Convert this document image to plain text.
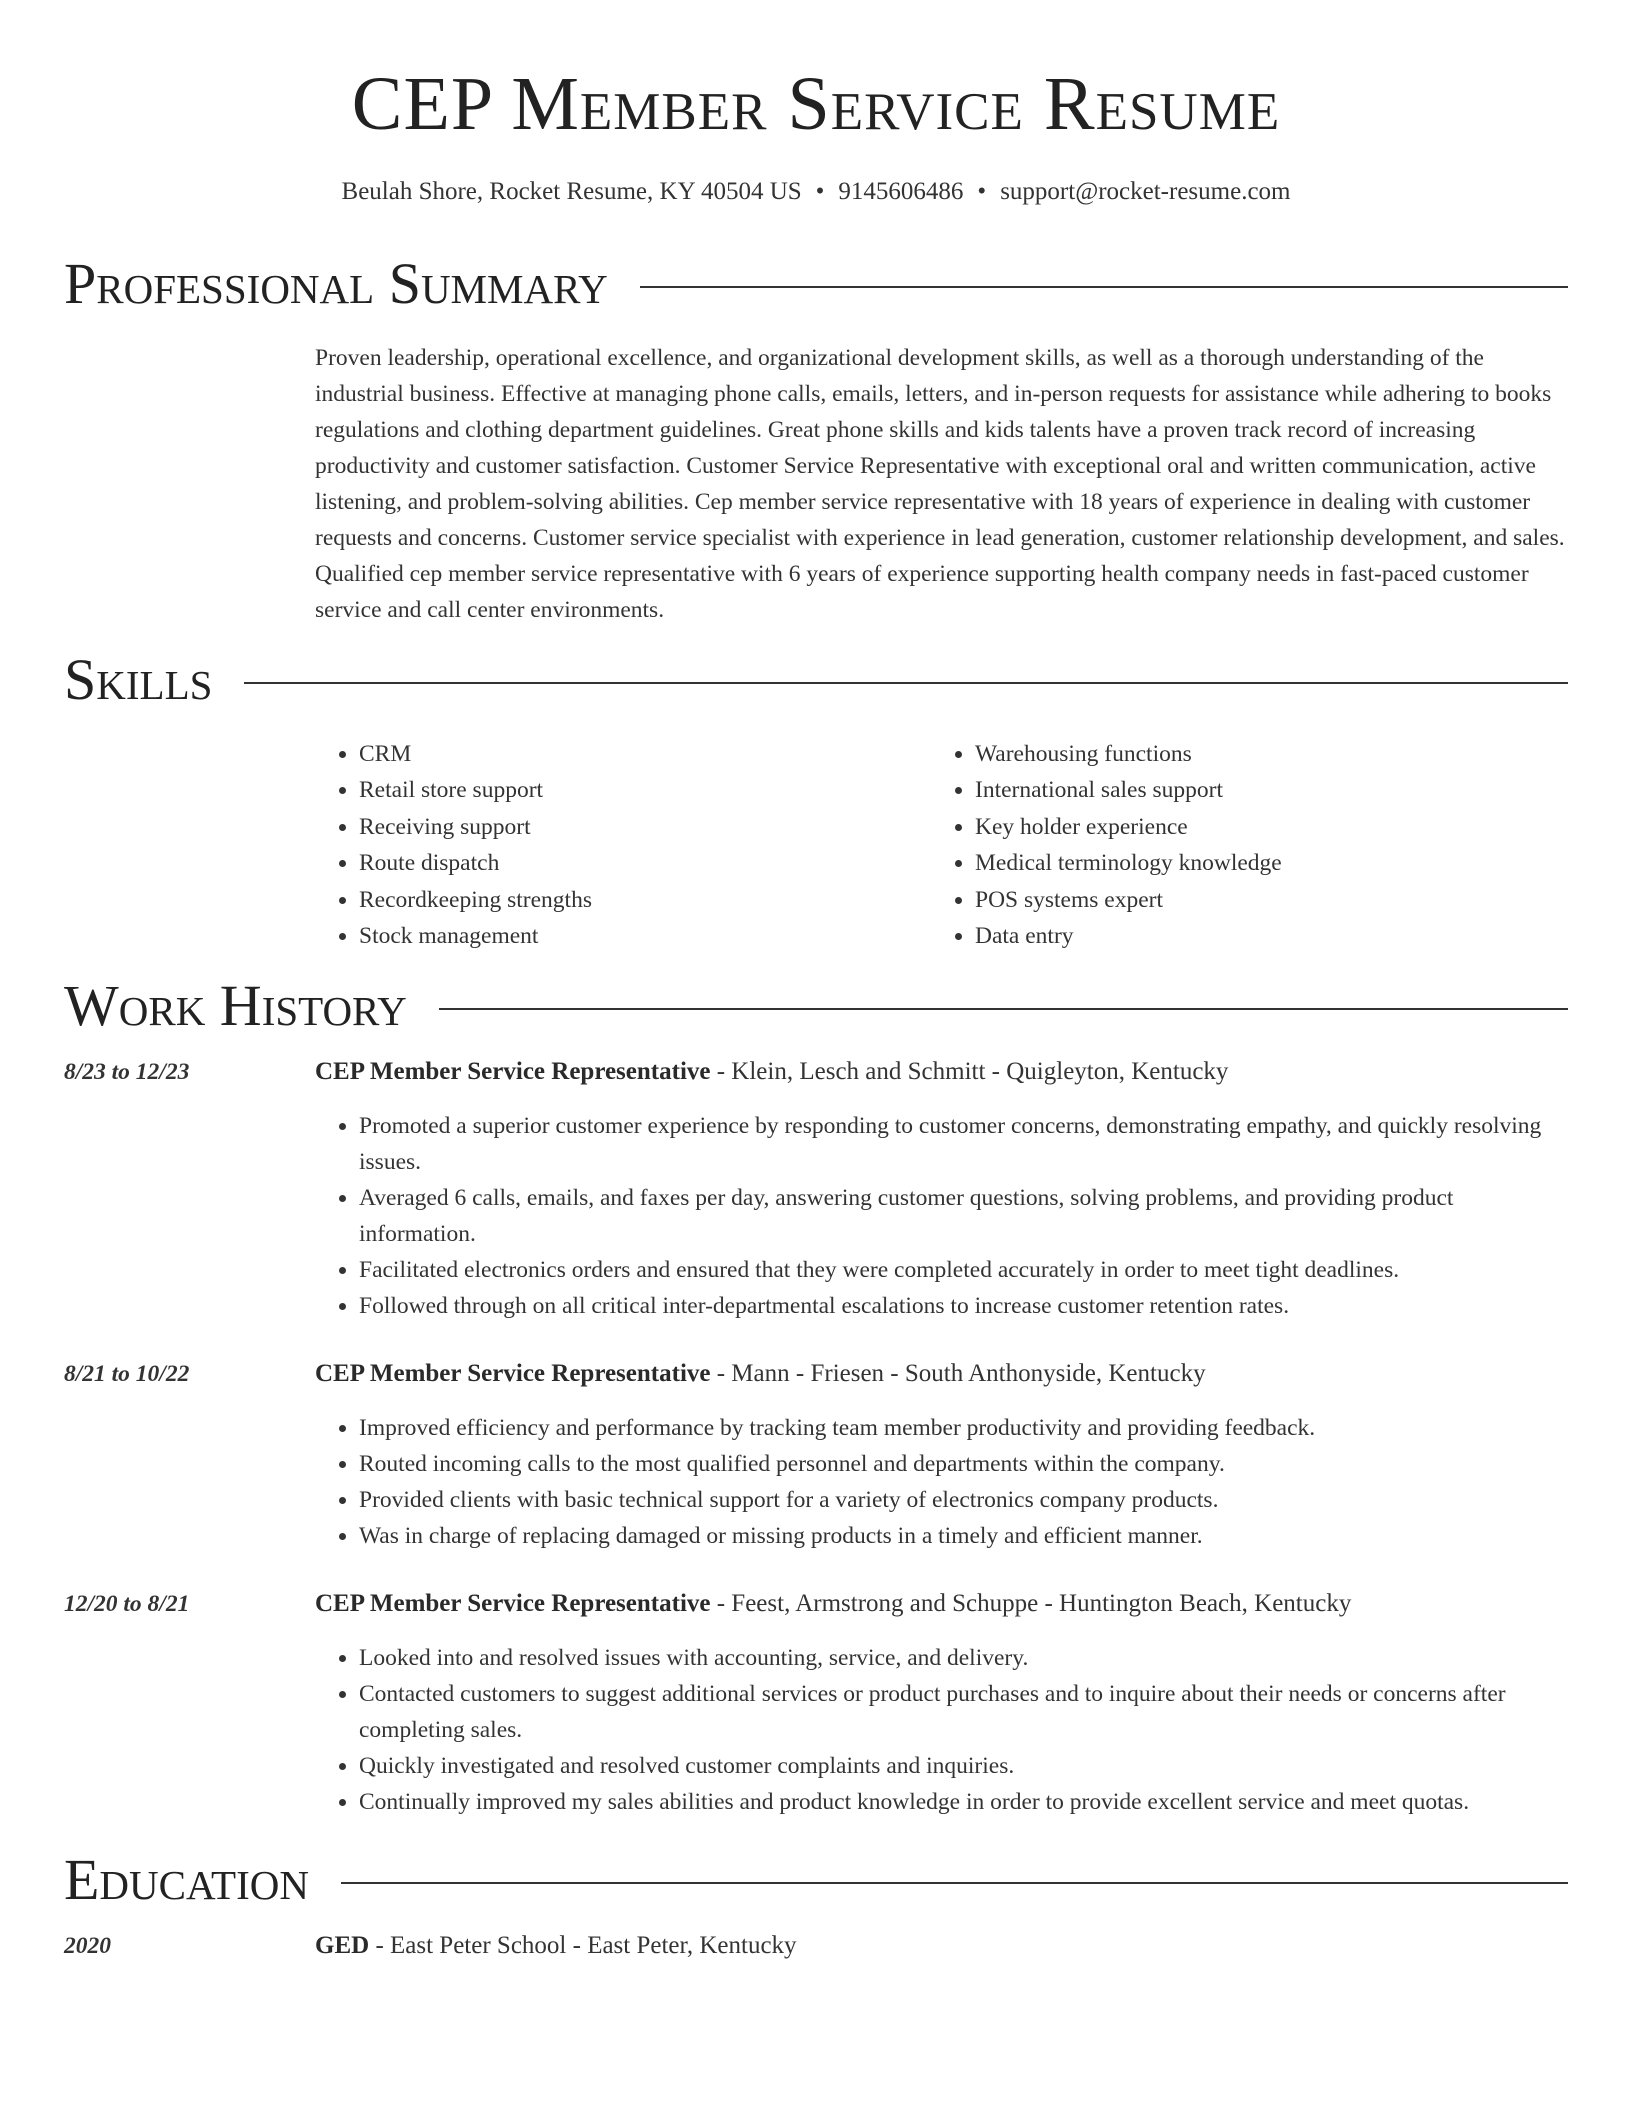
CEP Member Service Resume
Beulah Shore, Rocket Resume, KY 40504 US • 9145606486 • support@rocket-resume.com
Professional Summary

Proven leadership, operational excellence, and organizational development skills, as well as a thorough understanding of the industrial business. Effective at managing phone calls, emails, letters, and in-person requests for assistance while adhering to books regulations and clothing department guidelines. Great phone skills and kids talents have a proven track record of increasing productivity and customer satisfaction. Customer Service Representative with exceptional oral and written communication, active listening, and problem-solving abilities. Cep member service representative with 18 years of experience in dealing with customer requests and concerns. Customer service specialist with experience in lead generation, customer relationship development, and sales. Qualified cep member service representative with 6 years of experience supporting health company needs in fast-paced customer service and call center environments.

Skills
• CRM
• Retail store support
• Receiving support
• Route dispatch
• Recordkeeping strengths
• Stock management
• Warehousing functions
• International sales support
• Key holder experience
• Medical terminology knowledge
• POS systems expert
• Data entry
Work History
8/23 to 12/23	CEP Member Service Representative - Klein, Lesch and Schmitt - Quigleyton, Kentucky
• Promoted a superior customer experience by responding to customer concerns, demonstrating empathy, and quickly resolving issues.
• Averaged 6 calls, emails, and faxes per day, answering customer questions, solving problems, and providing product information.
• Facilitated electronics orders and ensured that they were completed accurately in order to meet tight deadlines.
• Followed through on all critical inter-departmental escalations to increase customer retention rates.
8/21 to 10/22	CEP Member Service Representative - Mann - Friesen - South Anthonyside, Kentucky
• Improved efficiency and performance by tracking team member productivity and providing feedback.
• Routed incoming calls to the most qualified personnel and departments within the company.
• Provided clients with basic technical support for a variety of electronics company products.
• Was in charge of replacing damaged or missing products in a timely and efficient manner.
12/20 to 8/21	CEP Member Service Representative - Feest, Armstrong and Schuppe - Huntington Beach, Kentucky
• Looked into and resolved issues with accounting, service, and delivery.
• Contacted customers to suggest additional services or product purchases and to inquire about their needs or concerns after completing sales.
• Quickly investigated and resolved customer complaints and inquiries.
• Continually improved my sales abilities and product knowledge in order to provide excellent service and meet quotas.
Education
2020	GED - East Peter School - East Peter, Kentucky
